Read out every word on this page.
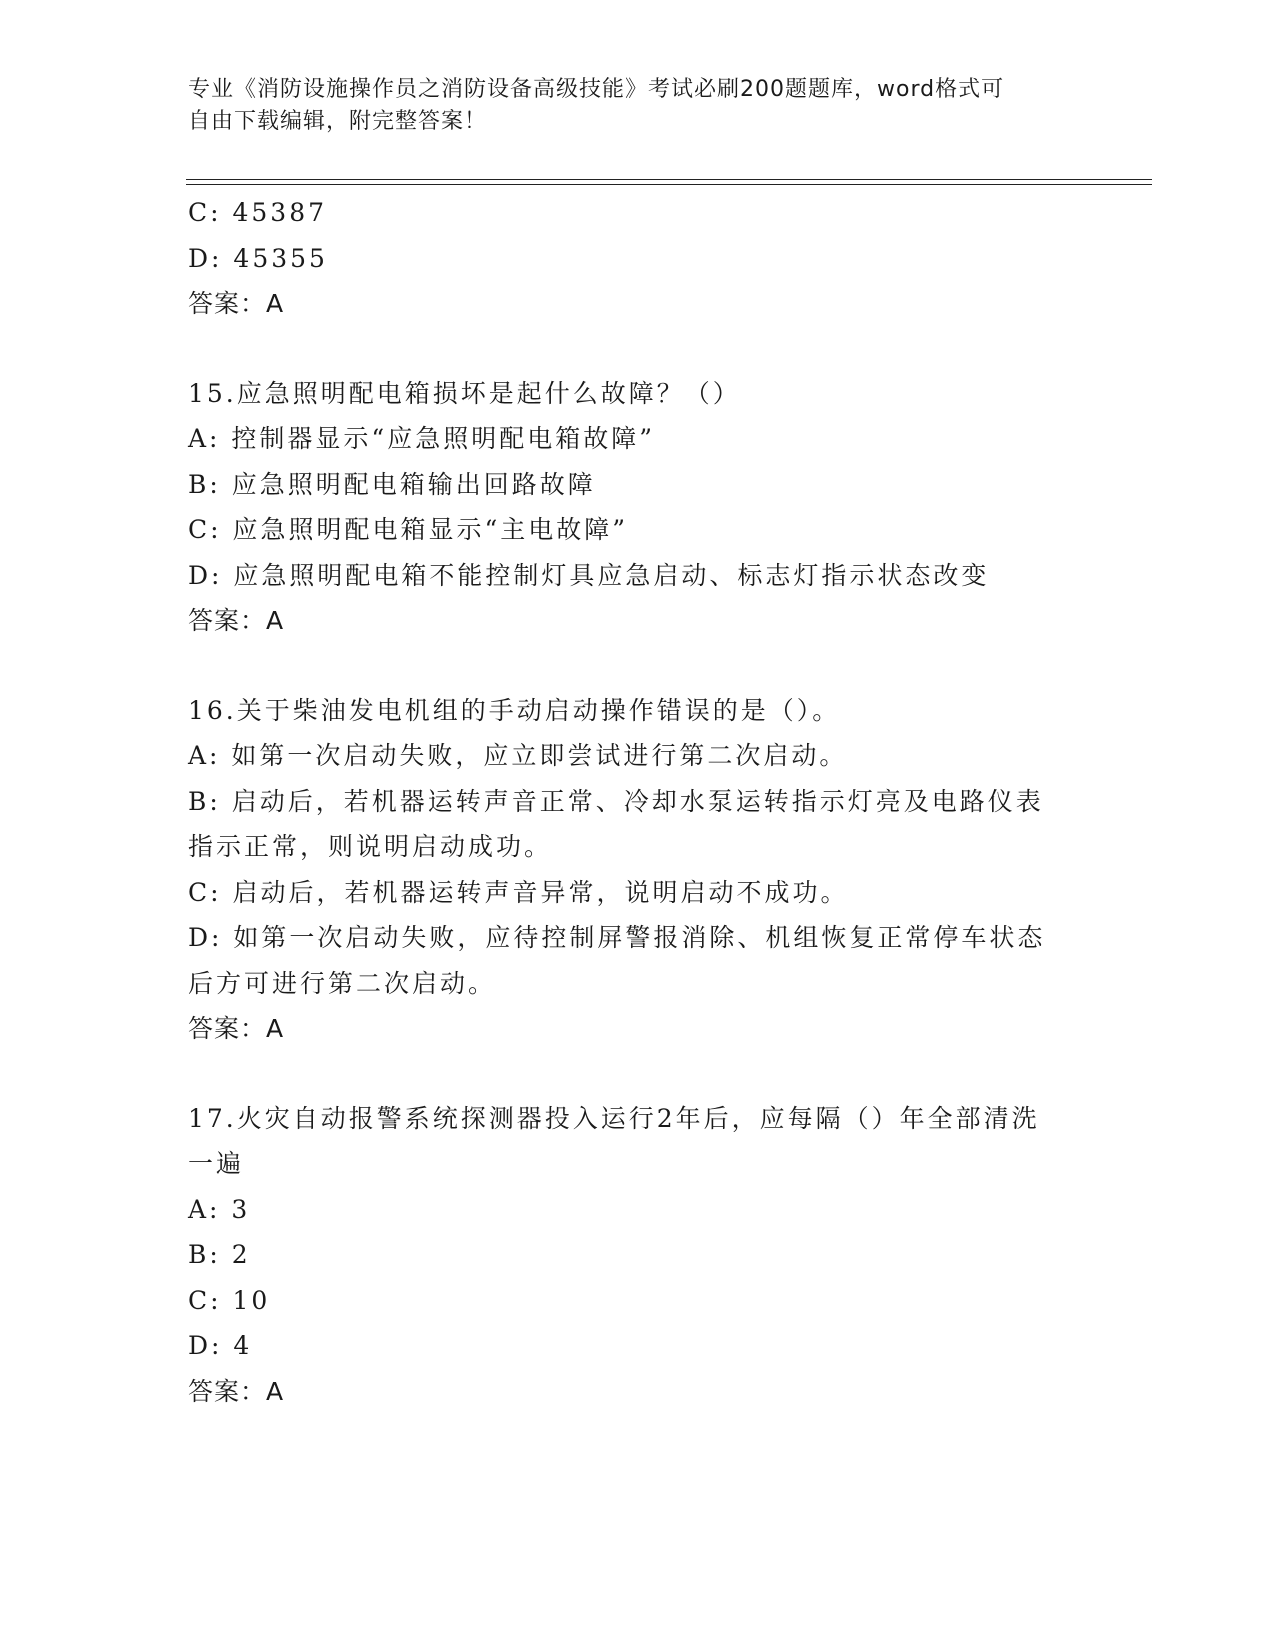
专业《消防设施操作员之消防设备高级技能》考试必刷200题题库，word格式可
自由下载编辑，附完整答案！
C: 45387
D: 45355
答案：A
15.应急照明配电箱损坏是起什么故障？（）
A: 控制器显示“应急照明配电箱故障”
B: 应急照明配电箱输出回路故障
C: 应急照明配电箱显示“主电故障”
D: 应急照明配电箱不能控制灯具应急启动、标志灯指示状态改变
答案：A
16.关于柴油发电机组的手动启动操作错误的是（）。
A: 如第一次启动失败，应立即尝试进行第二次启动。
B: 启动后，若机器运转声音正常、冷却水泵运转指示灯亮及电路仪表
指示正常，则说明启动成功。
C: 启动后，若机器运转声音异常，说明启动不成功。
D: 如第一次启动失败，应待控制屏警报消除、机组恢复正常停车状态
后方可进行第二次启动。
答案：A
17.火灾自动报警系统探测器投入运行2年后，应每隔（）年全部清洗
一遍
A: 3
B: 2
C: 10
D: 4
答案：A
